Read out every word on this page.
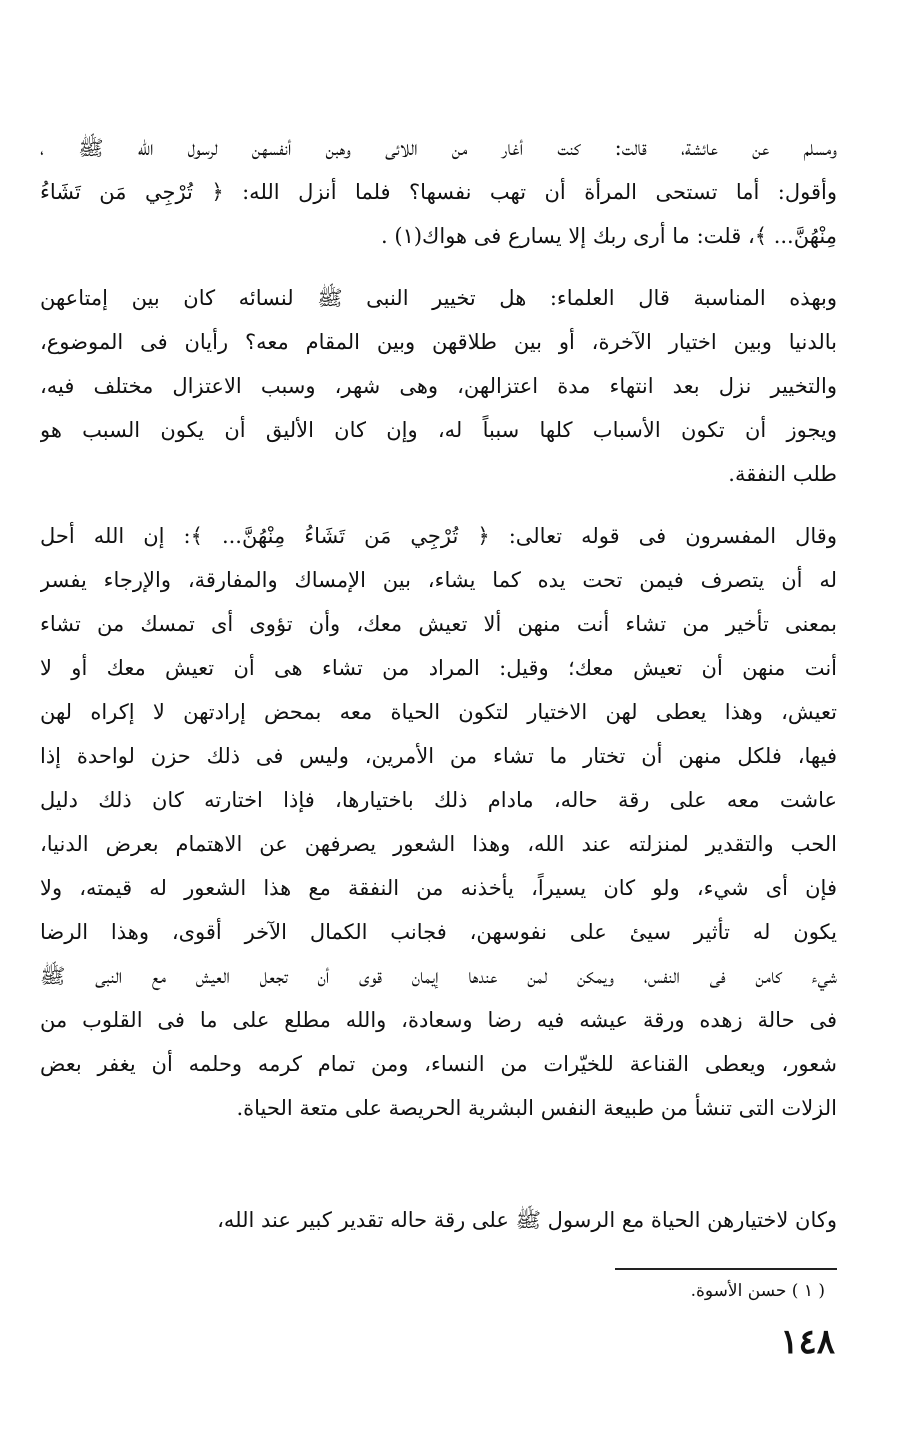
ومسلم عن عائشة، قالت: كنت أغار من اللائى وهبن أنفسهن لرسول الله ﷺ ،
وأقول: أما تستحى المرأة أن تهب نفسها؟ فلما أنزل الله: ﴿ تُرْجِي مَن تَشَاءُ
مِنْهُنَّ... ﴾، قلت: ما أرى ربك إلا يسارع فى هواك(١) .
وبهذه المناسبة قال العلماء: هل تخيير النبى ﷺ لنسائه كان بين إمتاعهن
بالدنيا وبين اختيار الآخرة، أو بين طلاقهن وبين المقام معه؟ رأيان فى الموضوع،
والتخيير نزل بعد انتهاء مدة اعتزالهن، وهى شهر، وسبب الاعتزال مختلف فيه،
ويجوز أن تكون الأسباب كلها سبباً له، وإن كان الأليق أن يكون السبب هو
طلب النفقة.
وقال المفسرون فى قوله تعالى: ﴿ تُرْجِي مَن تَشَاءُ مِنْهُنَّ... ﴾: إن الله أحل
له أن يتصرف فيمن تحت يده كما يشاء، بين الإمساك والمفارقة، والإرجاء يفسر
بمعنى تأخير من تشاء أنت منهن ألا تعيش معك، وأن تؤوى أى تمسك من تشاء
أنت منهن أن تعيش معك؛ وقيل: المراد من تشاء هى أن تعيش معك أو لا
تعيش، وهذا يعطى لهن الاختيار لتكون الحياة معه بمحض إرادتهن لا إكراه لهن
فيها، فلكل منهن أن تختار ما تشاء من الأمرين، وليس فى ذلك حزن لواحدة إذا
عاشت معه على رقة حاله، مادام ذلك باختيارها، فإذا اختارته كان ذلك دليل
الحب والتقدير لمنزلته عند الله، وهذا الشعور يصرفهن عن الاهتمام بعرض الدنيا،
فإن أى شيء، ولو كان يسيراً، يأخذنه من النفقة مع هذا الشعور له قيمته، ولا
يكون له تأثير سيئ على نفوسهن، فجانب الكمال الآخر أقوى، وهذا الرضا
شيء كامن فى النفس، ويمكن لمن عندها إيمان قوى أن تجعل العيش مع النبى ﷺ
فى حالة زهده ورقة عيشه فيه رضا وسعادة، والله مطلع على ما فى القلوب من
شعور، ويعطى القناعة للخيّرات من النساء، ومن تمام كرمه وحلمه أن يغفر بعض
الزلات التى تنشأ من طبيعة النفس البشرية الحريصة على متعة الحياة.
وكان لاختيارهن الحياة مع الرسول ﷺ على رقة حاله تقدير كبير عند الله،
( ١ ) حسن الأسوة.
١٤٨
